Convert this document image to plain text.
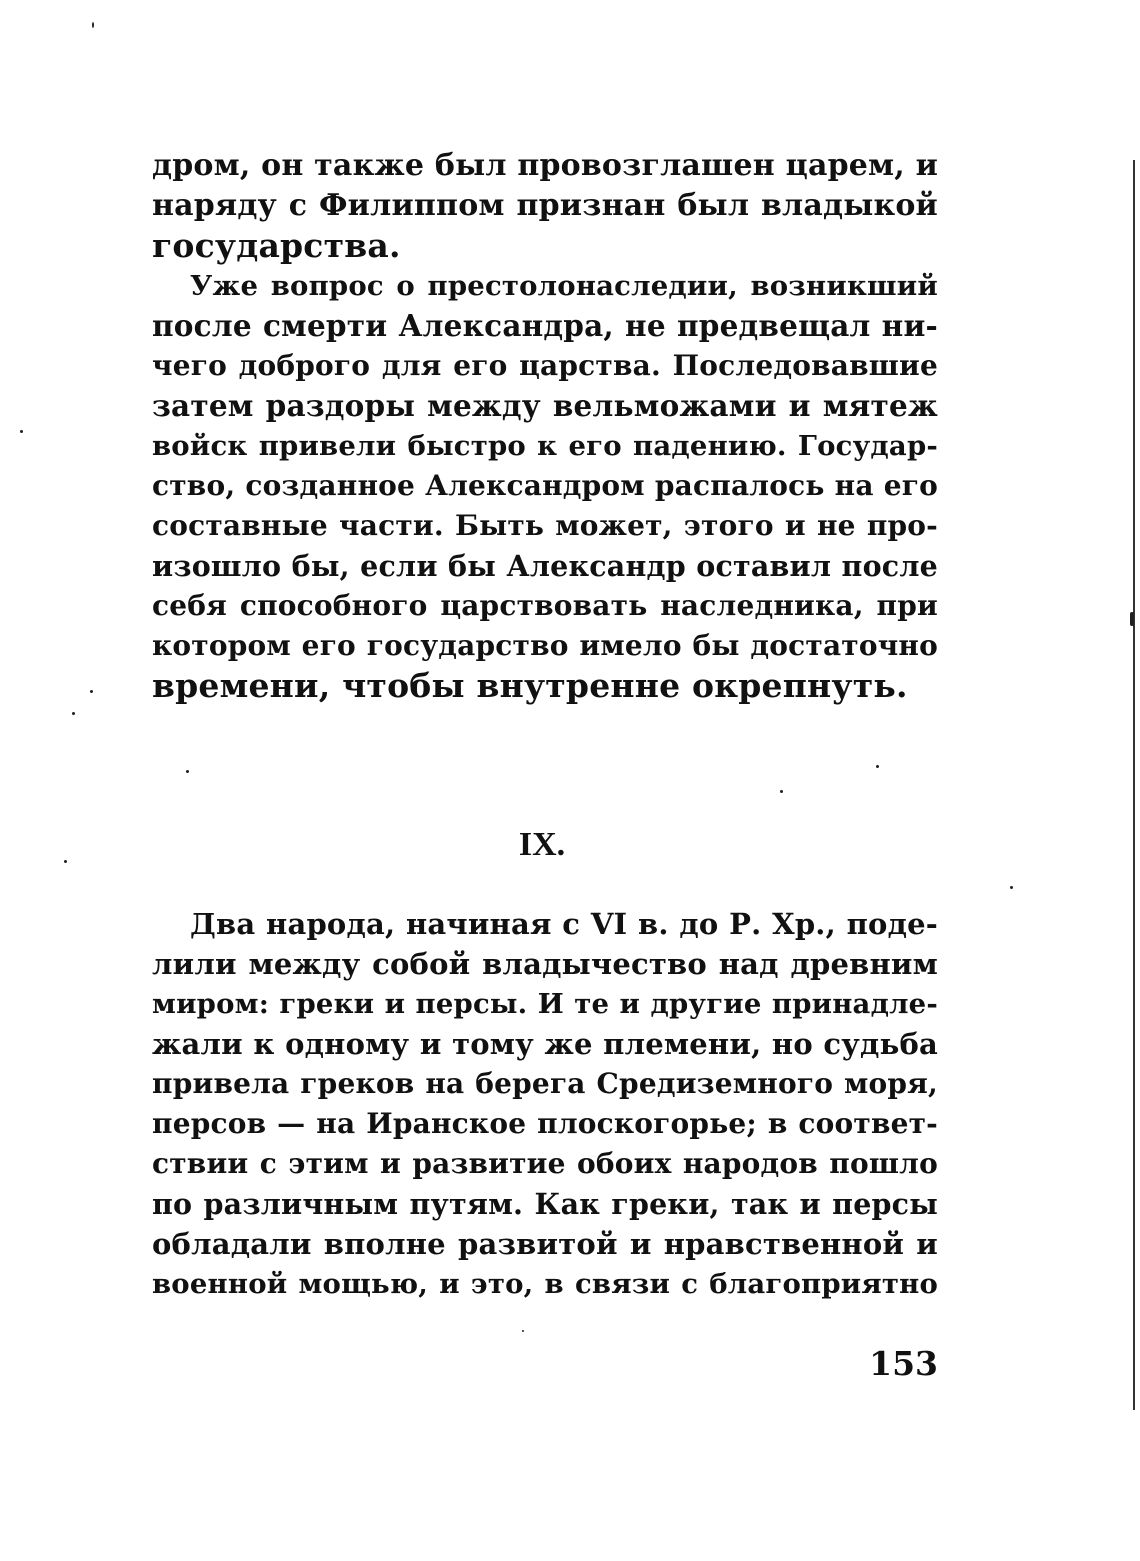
дром, он также был провозглашен царем, и
наряду с Филиппом признан был владыкой
государства.
Уже вопрос о престолонаследии, возникший
после смерти Александра, не предвещал ни-
чего доброго для его царства. Последовавшие
затем раздоры между вельможами и мятеж
войск привели быстро к его падению. Государ-
ство, созданное Александром распалось на его
составные части. Быть может, этого и не про-
изошло бы, если бы Александр оставил после
себя способного царствовать наследника, при
котором его государство имело бы достаточно
времени, чтобы внутренне окрепнуть.
IX.
Два народа, начиная с VI в. до Р. Хр., поде-
лили между собой владычество над древним
миром: греки и персы. И те и другие принадле-
жали к одному и тому же племени, но судьба
привела греков на берега Средиземного моря,
персов — на Иранское плоскогорье; в соответ-
ствии с этим и развитие обоих народов пошло
по различным путям. Как греки, так и персы
обладали вполне развитой и нравственной и
военной мощью, и это, в связи с благоприятно
153
